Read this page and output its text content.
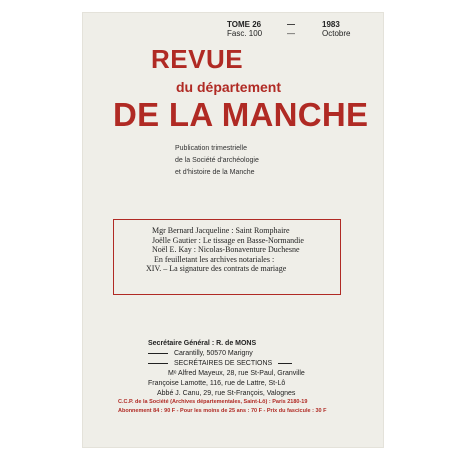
TOME 26	—	1983
Fasc. 100	—	Octobre
REVUE
du département
DE LA MANCHE
Publication trimestrielle
de la Société d'archéologie
et d'histoire de la Manche
Mgr Bernard Jacqueline : Saint Romphaire
Joëlle Gautier : Le tissage en Basse-Normandie
Noël E. Kay : Nicolas-Bonaventure Duchesne
En feuilletant les archives notariales :
XIV. – La signature des contrats de mariage
Secrétaire Général : R. de MONS
Carantilly, 50570 Marigny
SECRÉTAIRES DE SECTIONS
Mᵉ Alfred Mayeux, 28, rue St-Paul, Granville
Françoise Lamotte, 116, rue de Lattre, St-Lô
Abbé J. Canu, 29, rue St-François, Valognes
C.C.P. de la Société (Archives départementales, Saint-Lô) : Paris 2180-19
Abonnement 84 : 90 F - Pour les moins de 25 ans : 70 F - Prix du fascicule : 30 F
